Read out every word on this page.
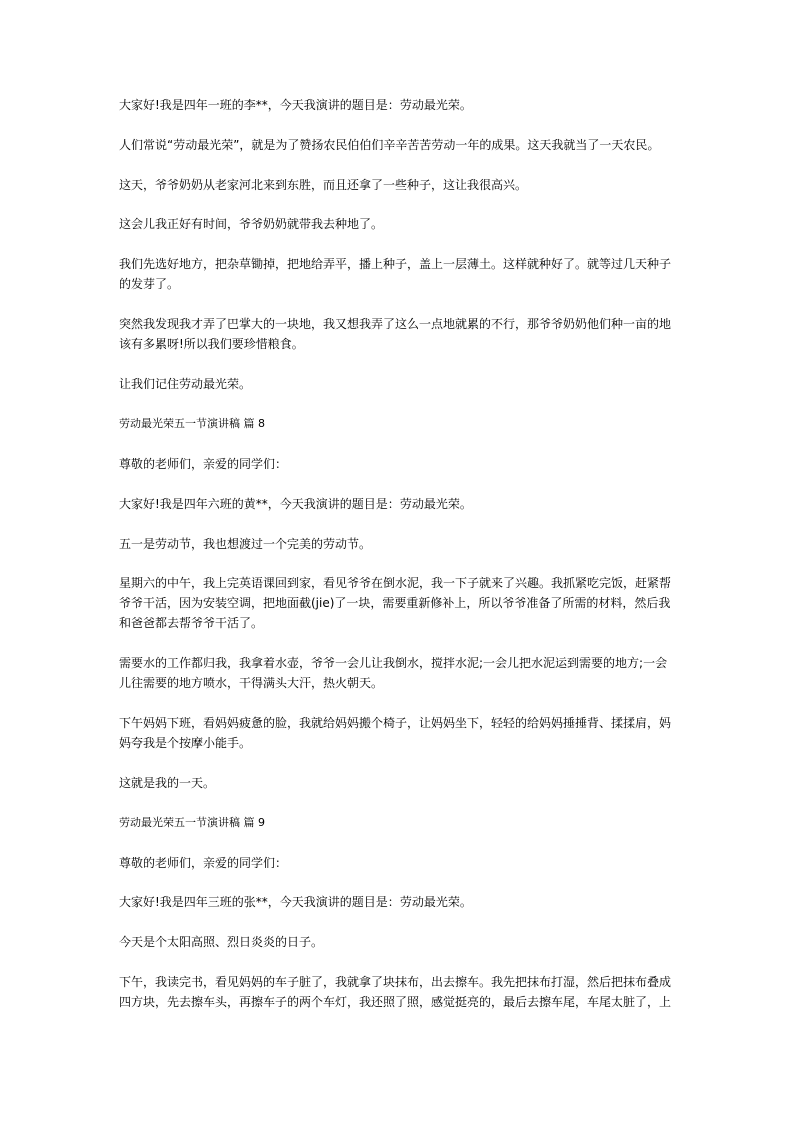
大家好!我是四年一班的李**，今天我演讲的题目是：劳动最光荣。

人们常说“劳动最光荣”，就是为了赞扬农民伯伯们辛辛苦苦劳动一年的成果。这天我就当了一天农民。

这天，爷爷奶奶从老家河北来到东胜，而且还拿了一些种子，这让我很高兴。

这会儿我正好有时间，爷爷奶奶就带我去种地了。

我们先选好地方，把杂草锄掉，把地给弄平，播上种子，盖上一层薄土。这样就种好了。就等过几天种子的发芽了。

突然我发现我才弄了巴掌大的一块地，我又想我弄了这么一点地就累的不行，那爷爷奶奶他们种一亩的地该有多累呀!所以我们要珍惜粮食。

让我们记住劳动最光荣。

劳动最光荣五一节演讲稿 篇 8

尊敬的老师们，亲爱的同学们：

大家好!我是四年六班的黄**，今天我演讲的题目是：劳动最光荣。

五一是劳动节，我也想渡过一个完美的劳动节。

星期六的中午，我上完英语课回到家，看见爷爷在倒水泥，我一下子就来了兴趣。我抓紧吃完饭，赶紧帮爷爷干活，因为安装空调，把地面截(jie)了一块，需要重新修补上，所以爷爷准备了所需的材料，然后我和爸爸都去帮爷爷干活了。

需要水的工作都归我，我拿着水壶，爷爷一会儿让我倒水，搅拌水泥;一会儿把水泥运到需要的地方;一会儿往需要的地方喷水，干得满头大汗，热火朝天。

下午妈妈下班，看妈妈疲惫的脸，我就给妈妈搬个椅子，让妈妈坐下，轻轻的给妈妈捶捶背、揉揉肩，妈妈夸我是个按摩小能手。

这就是我的一天。

劳动最光荣五一节演讲稿 篇 9

尊敬的老师们，亲爱的同学们：

大家好!我是四年三班的张**，今天我演讲的题目是：劳动最光荣。

今天是个太阳高照、烈日炎炎的日子。

下午，我读完书，看见妈妈的车子脏了，我就拿了块抹布，出去擦车。我先把抹布打湿，然后把抹布叠成四方块，先去擦车头，再擦车子的两个车灯，我还照了照，感觉挺亮的，最后去擦车尾，车尾太脏了，上
